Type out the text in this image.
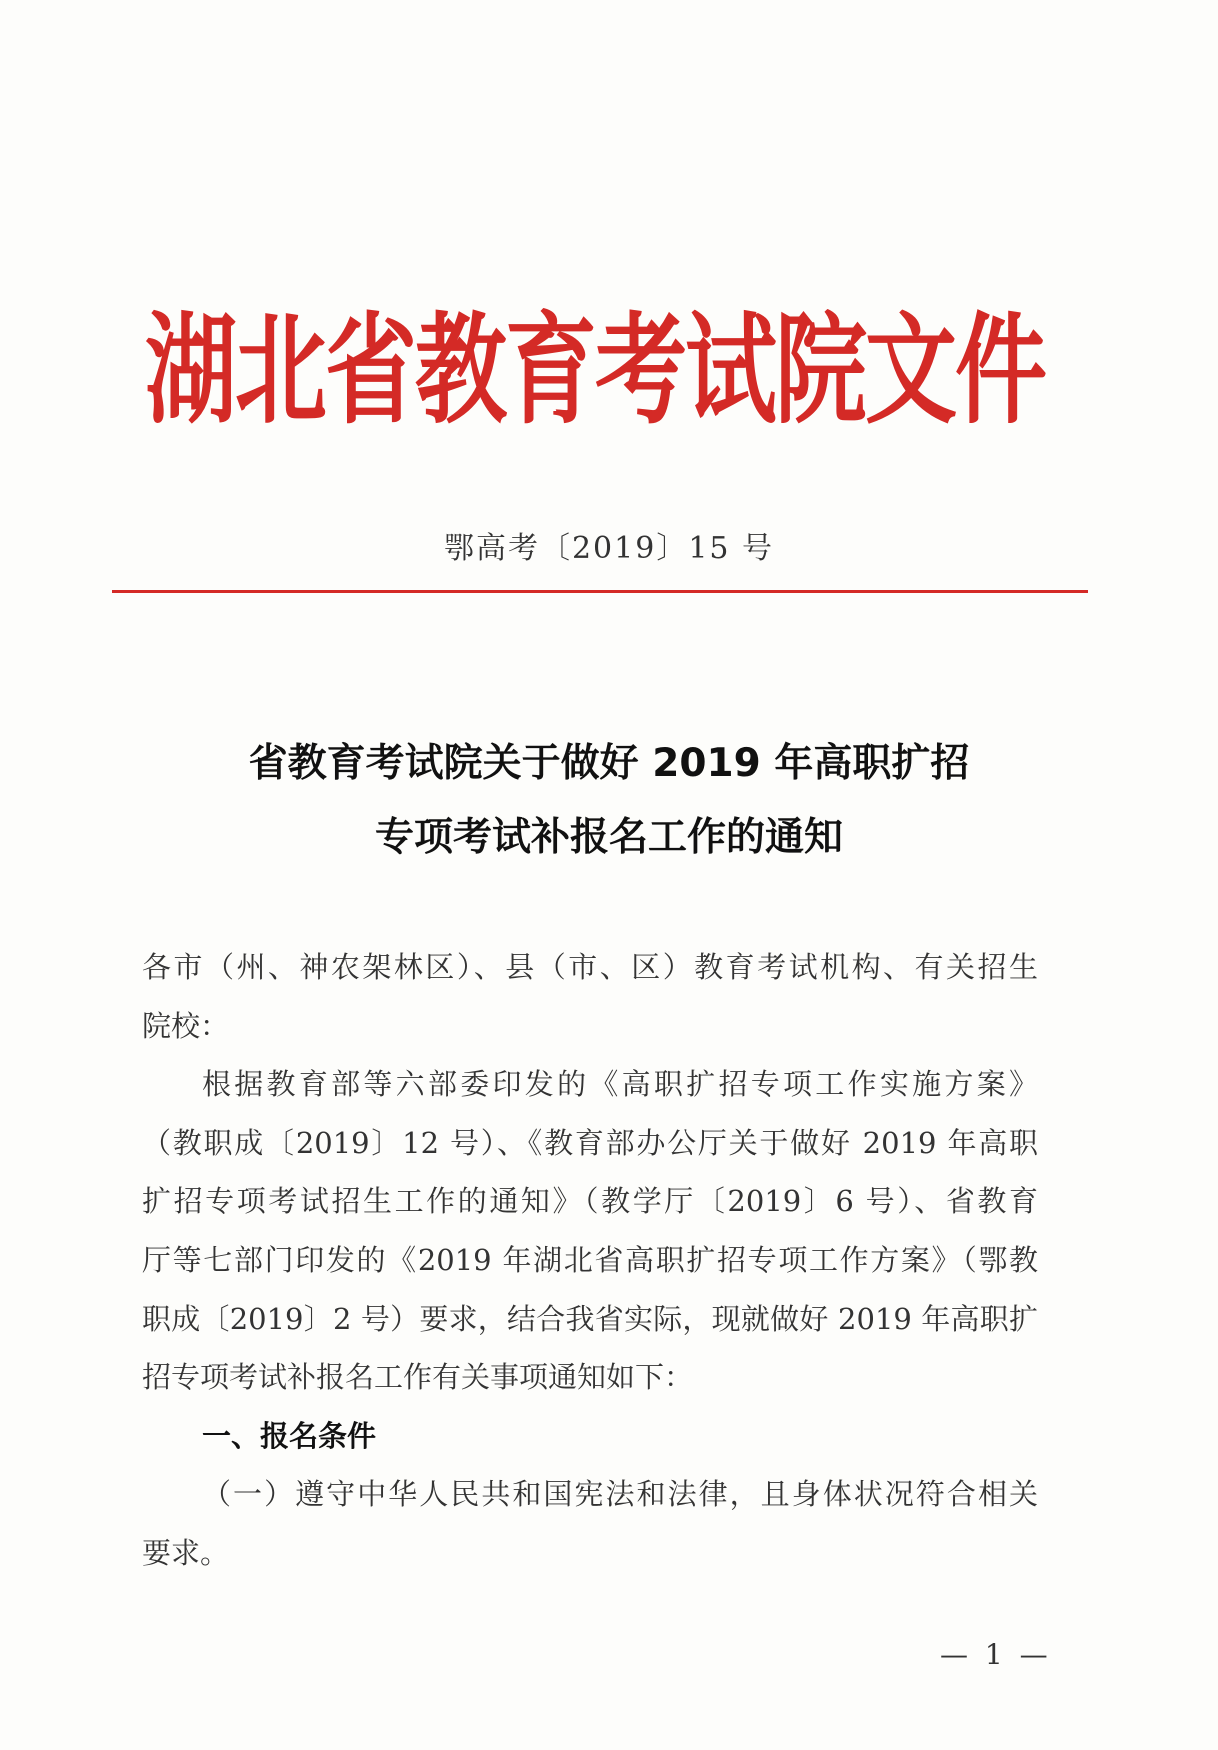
湖北省教育考试院文件
鄂高考〔2019〕15 号
省教育考试院关于做好 2019 年高职扩招
专项考试补报名工作的通知
各市（州、神农架林区）、县（市、区）教育考试机构、有关招生
院校：
根据教育部等六部委印发的《高职扩招专项工作实施方案》
（教职成〔2019〕12 号）、《教育部办公厅关于做好 2019 年高职
扩招专项考试招生工作的通知》（教学厅〔2019〕6 号）、省教育
厅等七部门印发的《2019 年湖北省高职扩招专项工作方案》（鄂教
职成〔2019〕2 号）要求，结合我省实际，现就做好 2019 年高职扩
招专项考试补报名工作有关事项通知如下：
一、报名条件
（一）遵守中华人民共和国宪法和法律，且身体状况符合相关
要求。
— 1 —
